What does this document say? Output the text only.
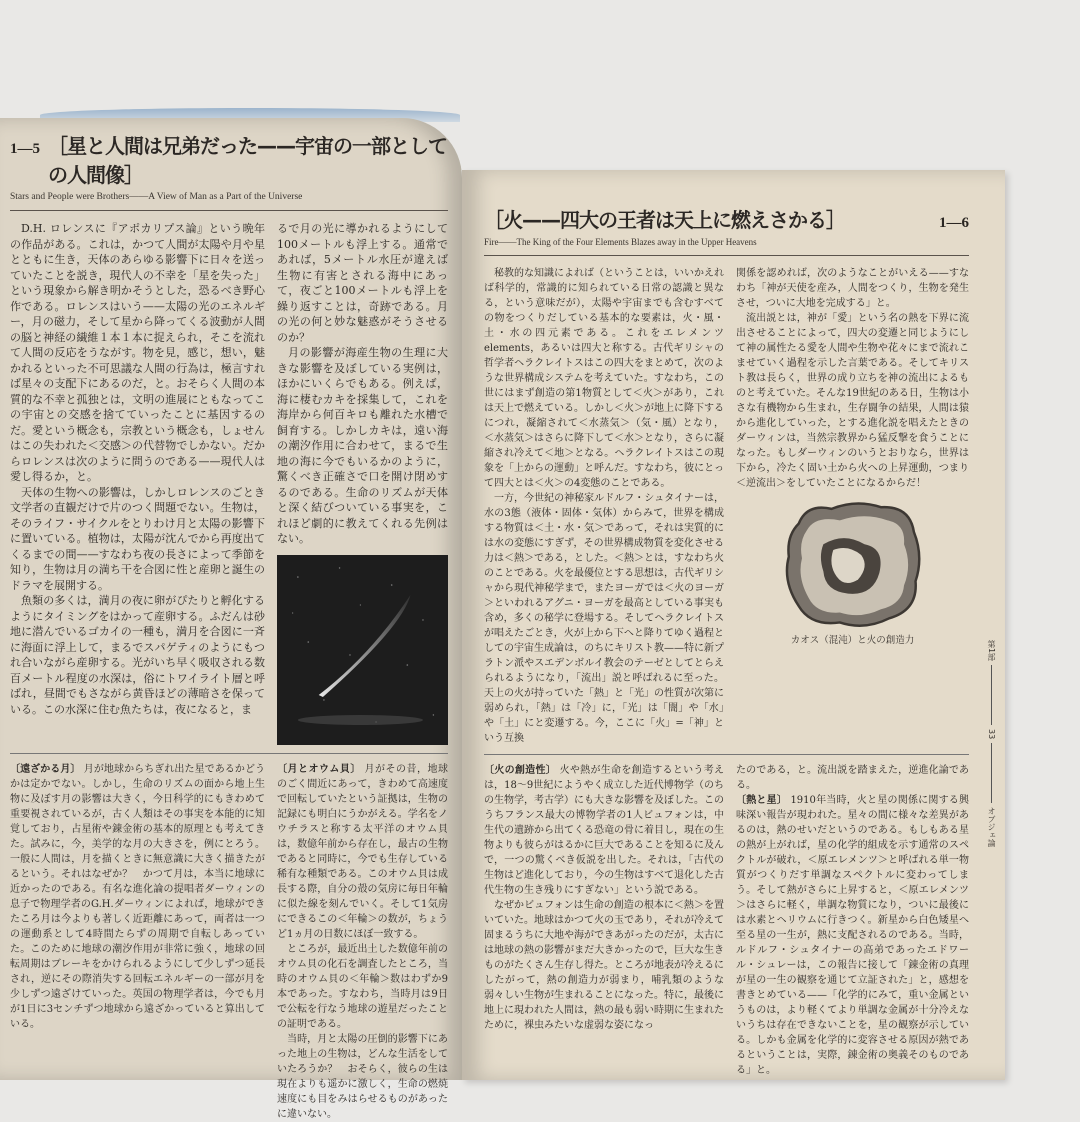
1—5 ［星と人間は兄弟だった——宇宙の一部としての人間像］
Stars and People were Brothers——A View of Man as a Part of the Universe

D.H. ロレンスに『アポカリプス論』という晩年の作品がある。これは，かつて人間が太陽や月や星とともに生き，天体のあらゆる影響下に日々を送っていたことを説き，現代人の不幸を「星を失った」という現象から解き明かそうとした，恐るべき野心作である。ロレンスはいう——太陽の光のエネルギー，月の磁力，そして星から降ってくる波動が人間の脳と神経の繊維１本１本に捉えられ，そこを流れて人間の反応をうながす。物を見，感じ，想い，魅かれるといった不可思議な人間の行為は，極言すれば星々の支配下にあるのだ，と。おそらく人間の本質的な不幸と孤独とは，文明の進展にともなってこの宇宙との交感を捨てていったことに基因するのだ。愛という概念も，宗教という概念も，しょせんはこの失われた＜交感＞の代替物でしかない。だからロレンスは次のように問うのである——現代人は愛し得るか，と。

天体の生物への影響は，しかしロレンスのごとき文学者の直観だけで片のつく問題でない。生物は，そのライフ・サイクルをとりわけ月と太陽の影響下に置いている。植物は，太陽が沈んでから再度出てくるまでの間——すなわち夜の長さによって季節を知り，生物は月の満ち干を合図に性と産卵と誕生のドラマを展開する。

魚類の多くは，満月の夜に卵がぴたりと孵化するようにタイミングをはかって産卵する。ふだんは砂地に潜んでいるゴカイの一種も，満月を合図に一斉に海面に浮上して，まるでスパゲティのようにもつれ合いながら産卵する。光がいち早く吸収される数百メートル程度の水深は，俗にトワイライト層と呼ばれ，昼間でもさながら黄昏ほどの薄暗さを保っている。この水深に住む魚たちは，夜になると，ま

るで月の光に導かれるようにして100メートルも浮上する。通常であれば，5メートル水圧が違えば生物に有害とされる海中にあって，夜ごと100メートルも浮上を繰り返すことは，奇跡である。月の光の何と妙な魅惑がそうさせるのか？

月の影響が海産生物の生理に大きな影響を及ぼしている実例は，ほかにいくらでもある。例えば，海に棲むカキを採集して，これを海岸から何百キロも離れた水槽で飼育する。しかしカキは，遠い海の潮汐作用に合わせて，まるで生地の海に今でもいるかのように，驚くべき正確さで口を開け閉めするのである。生命のリズムが天体と深く結びついている事実を，これほど劇的に教えてくれる先例はない。

〔遠ざかる月〕 月が地球からちぎれ出た星であるかどうかは定かでない。しかし，生命のリズムの面から地上生物に及ぼす月の影響は大きく，今日科学的にもきわめて重要視されているが，古く人類はその事実を本能的に知覚しており，占星術や錬金術の基本的原理とも考えてきた。試みに，今，美学的な月の大きさを，例にとろう。一般に人間は，月を描くときに無意識に大きく描きたがるという。それはなぜか？　かつて月は，本当に地球に近かったのである。有名な進化論の提唱者ダーウィンの息子で物理学者のG.H.ダーウィンによれば，地球ができたころ月は今よりも著しく近距離にあって，両者は一つの運動系として4時間たらずの周期で自転しあっていた。このために地球の潮汐作用が非常に強く，地球の回転周期はブレーキをかけられるようにして少しずつ延長され，逆にその際消失する回転エネルギーの一部が月を少しずつ遠ざけていった。英国の物理学者は，今でも月が1日に3センチずつ地球から遠ざかっていると算出している。

〔月とオウム貝〕 月がその昔，地球のごく間近にあって，きわめて高速度で回転していたという証拠は，生物の記録にも明白にうかがえる。学名をノウチラスと称する太平洋のオウム貝は，数億年前から存在し，最古の生物であると同時に，今でも生存している稀有な種類である。このオウム貝は成長する際，自分の殻の気房に毎日年輪に似た線を刻んでいく。そして1気房にできるこの＜年輪＞の数が，ちょうど1ヵ月の日数にほぼ一致する。

ところが，最近出土した数億年前のオウム貝の化石を調査したところ，当時のオウム貝の＜年輪＞数はわずか9本であった。すなわち，当時月は9日で公転を行なう地球の遊星だったことの証明である。

当時，月と太陽の圧倒的影響下にあった地上の生物は，どんな生活をしていたろうか？　おそらく，彼らの生は現在よりも遥かに激しく，生命の燃焼速度にも目をみはらせるものがあったに違いない。

［火——四大の王者は天上に燃えさかる］	1—6
Fire——The King of the Four Elements Blazes away in the Upper Heavens

秘教的な知識によれば（ということは，いいかえれば科学的，常識的に知られている日常の認識と異なる，という意味だが），太陽や宇宙までも含むすべての物をつくりだしている基本的な要素は，火・風・土・水の四元素である。これをエレメンツ elements，あるいは四大と称する。古代ギリシャの哲学者ヘラクレイトスはこの四大をまとめて，次のような世界構成システムを考えていた。すなわち，この世にはまず創造の第1物質として＜火＞があり，これは天上で燃えている。しかし＜火＞が地上に降下するにつれ，凝縮されて＜水蒸気＞（気・風）となり，＜水蒸気＞はさらに降下して＜水＞となり，さらに凝縮され冷えて＜地＞となる。ヘラクレイトスはこの現象を「上からの運動」と呼んだ。すなわち，彼にとって四大とは＜火＞の4変態のことである。

一方，今世紀の神秘家ルドルフ・シュタイナーは，水の3態（液体・固体・気体）からみて，世界を構成する物質は＜土・水・気＞であって，それは実質的には水の変態にすぎず，その世界構成物質を変化させる力は＜熱＞である，とした。＜熱＞とは，すなわち火のことである。火を最優位とする思想は，古代ギリシャから現代神秘学まで，またヨーガでは＜火のヨーガ＞といわれるアグニ・ヨーガを最高としている事実も含め，多くの秘学に登場する。そしてヘラクレイトスが唱えたごとき，火が上から下へと降りてゆく過程としての宇宙生成論は，のちにキリスト教——特に新プラトン派やスエデンボルイ教会のテーゼとしてとらえられるようになり，「流出」説と呼ばれるに至った。天上の火が持っていた「熱」と「光」の性質が次第に弱められ，「熱」は「冷」に，「光」は「闇」や「水」や「土」にと変遷する。今，ここに「火」=「神」という互換

関係を認めれば，次のようなことがいえる——すなわち「神が天使を産み，人間をつくり，生物を発生させ，ついに大地を完成する」と。

流出説とは，神が「愛」という名の熱を下界に流出させることによって，四大の変遷と同じようにして神の属性たる愛を人間や生物や花々にまで流れこませていく過程を示した言葉である。そしてキリスト教は長らく，世界の成り立ちを神の流出によるものと考えていた。そんな19世紀のある日，生物は小さな有機物から生まれ，生存闘争の結果，人間は猿から進化していった，とする進化説を唱えたときのダーウィンは，当然宗教界から猛反撃を食うことになった。もしダーウィンのいうとおりなら，世界は下から，冷たく固い土から火への上昇運動，つまり＜逆流出＞をしていたことになるからだ！

カオス（混沌）と火の創造力	第1部
33
オブジェ論

〔火の創造性〕 火や熱が生命を創造するという考えは，18〜9世紀にようやく成立した近代博物学（のちの生物学，考古学）にも大きな影響を及ぼした。このうちフランス最大の博物学者の1人ビュフォンは，中生代の遺跡から出てくる恐竜の骨に着目し，現在の生物よりも彼らがはるかに巨大であることを知るに及んで，一つの驚くべき仮説を出した。それは，「古代の生物はど進化しており，今の生物はすべて退化した古代生物の生き残りにすぎない」という説である。

なぜかビュフォンは生命の創造の根本に＜熱＞を置いていた。地球はかつて火の玉であり，それが冷えて固まるうちに大地や海ができあがったのだが，太古には地球の熱の影響がまだ大きかったので，巨大な生きものがたくさん生存し得た。ところが地表が冷えるにしたがって，熱の創造力が弱まり，哺乳類のような弱々しい生物が生まれることになった。特に，最後に地上に現われた人間は，熱の最も弱い時期に生まれたために，裸虫みたいな虚弱な姿になっ

たのである，と。流出説を踏まえた，逆進化論である。

〔熱と星〕 1910年当時，火と星の関係に関する興味深い報告が現われた。星々の間に様々な差異があるのは，熱のせいだというのである。もしもある星の熱が上がれば，星の化学的組成を示す通常のスペクトルが破れ，＜原エレメンツ＞と呼ばれる単一物質がつくりだす単調なスペクトルに変わってしまう。そして熱がさらに上昇すると，＜原エレメンツ＞はさらに軽く，単調な物質になり，ついに最後には水素とヘリウムに行きつく。新星から白色矮星へ至る星の一生が，熱に支配されるのである。当時，ルドルフ・シュタイナーの高弟であったエドワール・シュレーは，この報告に接して「錬金術の真理が星の一生の観察を通じて立証された」と，感想を書きとめている——「化学的にみて，重い金属というものは，より軽くてより単調な金属が十分冷えないうちは存在できないことを，星の観察が示している。しかも金属を化学的に変容させる原因が熱であるということは，実際，錬金術の奥義そのものである」と。
